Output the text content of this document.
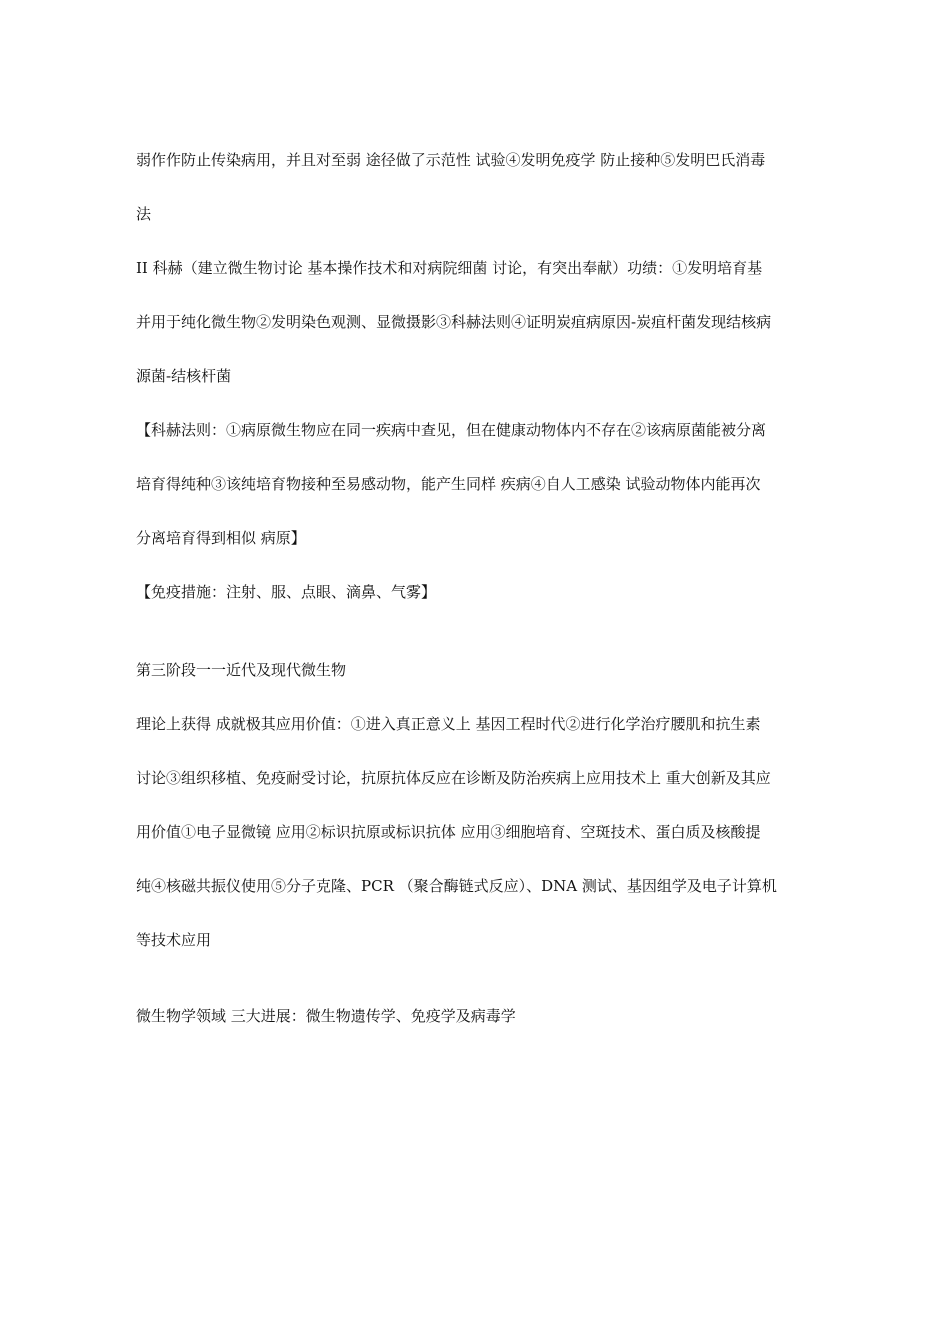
弱作作防止传染病用，并且对至弱 途径做了示范性 试验④发明免疫学 防止接种⑤发明巴氏消毒
法
II 科赫（建立微生物讨论 基本操作技术和对病院细菌 讨论，有突出奉献）功绩：①发明培育基
并用于纯化微生物②发明染色观测、显微摄影③科赫法则④证明炭疽病原因-炭疽杆菌发现结核病
源菌-结核杆菌
【科赫法则：①病原微生物应在同一疾病中查见，但在健康动物体内不存在②该病原菌能被分离
培育得纯种③该纯培育物接种至易感动物，能产生同样 疾病④自人工感染 试验动物体内能再次
分离培育得到相似 病原】
【免疫措施：注射、服、点眼、滴鼻、气雾】
第三阶段一一近代及现代微生物
理论上获得 成就极其应用价值：①进入真正意义上 基因工程时代②进行化学治疗腰肌和抗生素
讨论③组织移植、免疫耐受讨论，抗原抗体反应在诊断及防治疾病上应用技术上 重大创新及其应
用价值①电子显微镜 应用②标识抗原或标识抗体 应用③细胞培育、空斑技术、蛋白质及核酸提
纯④核磁共振仪使用⑤分子克隆、PCR （聚合酶链式反应）、DNA 测试、基因组学及电子计算机
等技术应用
微生物学领域 三大进展：微生物遗传学、免疫学及病毒学
